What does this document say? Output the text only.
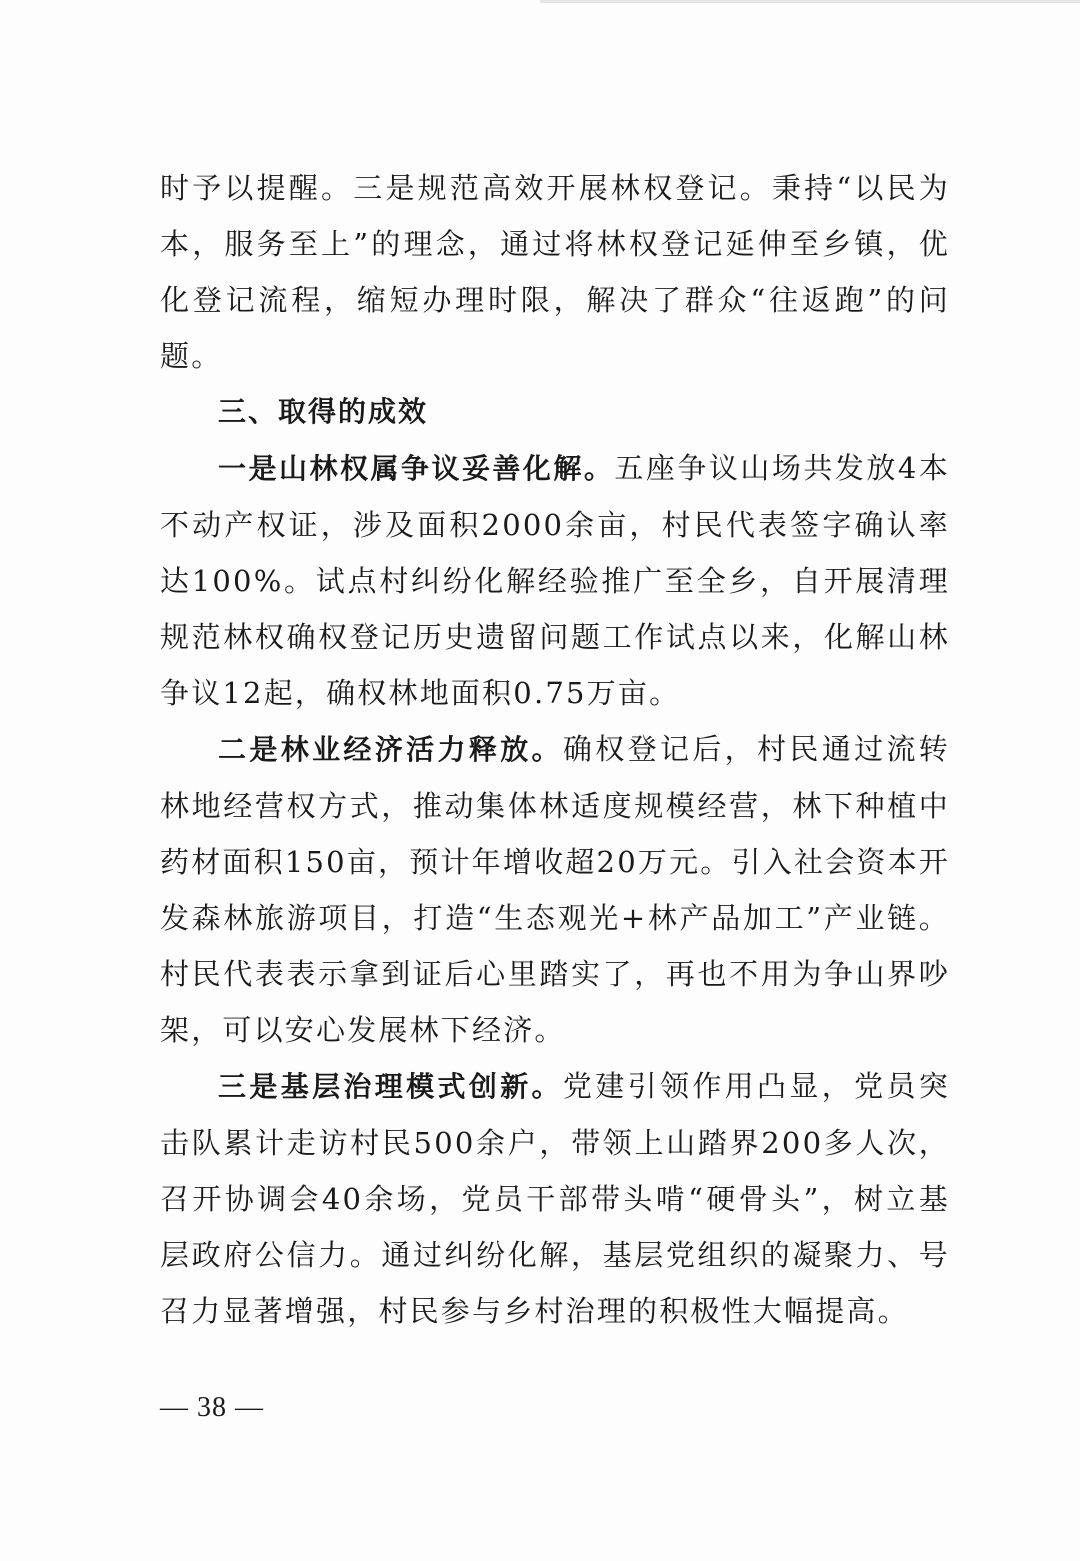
时予以提醒。三是规范高效开展林权登记。秉持“以民为本，服务至上”的理念，通过将林权登记延伸至乡镇，优化登记流程，缩短办理时限，解决了群众“往返跑”的问题。

三、取得的成效

一是山林权属争议妥善化解。五座争议山场共发放4本不动产权证，涉及面积2000余亩，村民代表签字确认率达100%。试点村纠纷化解经验推广至全乡，自开展清理规范林权确权登记历史遗留问题工作试点以来，化解山林争议12起，确权林地面积0.75万亩。

二是林业经济活力释放。确权登记后，村民通过流转林地经营权方式，推动集体林适度规模经营，林下种植中药材面积150亩，预计年增收超20万元。引入社会资本开发森林旅游项目，打造“生态观光+林产品加工”产业链。村民代表表示拿到证后心里踏实了，再也不用为争山界吵架，可以安心发展林下经济。

三是基层治理模式创新。党建引领作用凸显，党员突击队累计走访村民500余户，带领上山踏界200多人次，召开协调会40余场，党员干部带头啃“硬骨头”，树立基层政府公信力。通过纠纷化解，基层党组织的凝聚力、号召力显著增强，村民参与乡村治理的积极性大幅提高。

— 38 —
